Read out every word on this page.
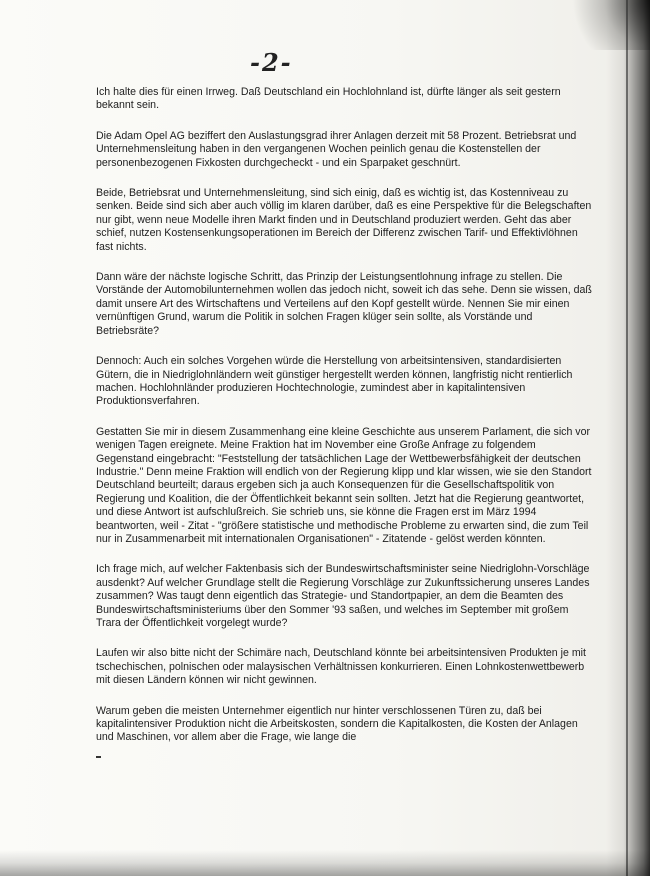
-2-

Ich halte dies für einen Irrweg. Daß Deutschland ein Hochlohnland ist, dürfte länger als seit gestern bekannt sein.

Die Adam Opel AG beziffert den Auslastungsgrad ihrer Anlagen derzeit mit 58 Prozent. Betriebsrat und Unternehmensleitung haben in den vergangenen Wochen peinlich genau die Kostenstellen der personenbezogenen Fixkosten durchgecheckt - und ein Sparpaket geschnürt.

Beide, Betriebsrat und Unternehmensleitung, sind sich einig, daß es wichtig ist, das Kostenniveau zu senken. Beide sind sich aber auch völlig im klaren darüber, daß es eine Perspektive für die Belegschaften nur gibt, wenn neue Modelle ihren Markt finden und in Deutschland produziert werden. Geht das aber schief, nutzen Kostensenkungsoperationen im Bereich der Differenz zwischen Tarif- und Effektivlöhnen fast nichts.

Dann wäre der nächste logische Schritt, das Prinzip der Leistungsentlohnung infrage zu stellen. Die Vorstände der Automobilunternehmen wollen das jedoch nicht, soweit ich das sehe. Denn sie wissen, daß damit unsere Art des Wirtschaftens und Verteilens auf den Kopf gestellt würde. Nennen Sie mir einen vernünftigen Grund, warum die Politik in solchen Fragen klüger sein sollte, als Vorstände und Betriebsräte?

Dennoch: Auch ein solches Vorgehen würde die Herstellung von arbeitsintensiven, standardisierten Gütern, die in Niedriglohnländern weit günstiger hergestellt werden können, langfristig nicht rentierlich machen. Hochlohnländer produzieren Hochtechnologie, zumindest aber in kapitalintensiven Produktionsverfahren.

Gestatten Sie mir in diesem Zusammenhang eine kleine Geschichte aus unserem Parlament, die sich vor wenigen Tagen ereignete. Meine Fraktion hat im November eine Große Anfrage zu folgendem Gegenstand eingebracht: "Feststellung der tatsächlichen Lage der Wettbewerbsfähigkeit der deutschen Industrie." Denn meine Fraktion will endlich von der Regierung klipp und klar wissen, wie sie den Standort Deutschland beurteilt; daraus ergeben sich ja auch Konsequenzen für die Gesellschaftspolitik von Regierung und Koalition, die der Öffentlichkeit bekannt sein sollten. Jetzt hat die Regierung geantwortet, und diese Antwort ist aufschlußreich. Sie schrieb uns, sie könne die Fragen erst im März 1994 beantworten, weil - Zitat - "größere statistische und methodische Probleme zu erwarten sind, die zum Teil nur in Zusammenarbeit mit internationalen Organisationen" - Zitatende - gelöst werden könnten.

Ich frage mich, auf welcher Faktenbasis sich der Bundeswirtschaftsminister seine Niedriglohn-Vorschläge ausdenkt? Auf welcher Grundlage stellt die Regierung Vorschläge zur Zukunftssicherung unseres Landes zusammen? Was taugt denn eigentlich das Strategie- und Standortpapier, an dem die Beamten des Bundeswirtschaftsministeriums über den Sommer '93 saßen, und welches im September mit großem Trara der Öffentlichkeit vorgelegt wurde?

Laufen wir also bitte nicht der Schimäre nach, Deutschland könnte bei arbeitsintensiven Produkten je mit tschechischen, polnischen oder malaysischen Verhältnissen konkurrieren. Einen Lohnkostenwettbewerb mit diesen Ländern können wir nicht gewinnen.

Warum geben die meisten Unternehmer eigentlich nur hinter verschlossenen Türen zu, daß bei kapitalintensiver Produktion nicht die Arbeitskosten, sondern die Kapitalkosten, die Kosten der Anlagen und Maschinen, vor allem aber die Frage, wie lange die
